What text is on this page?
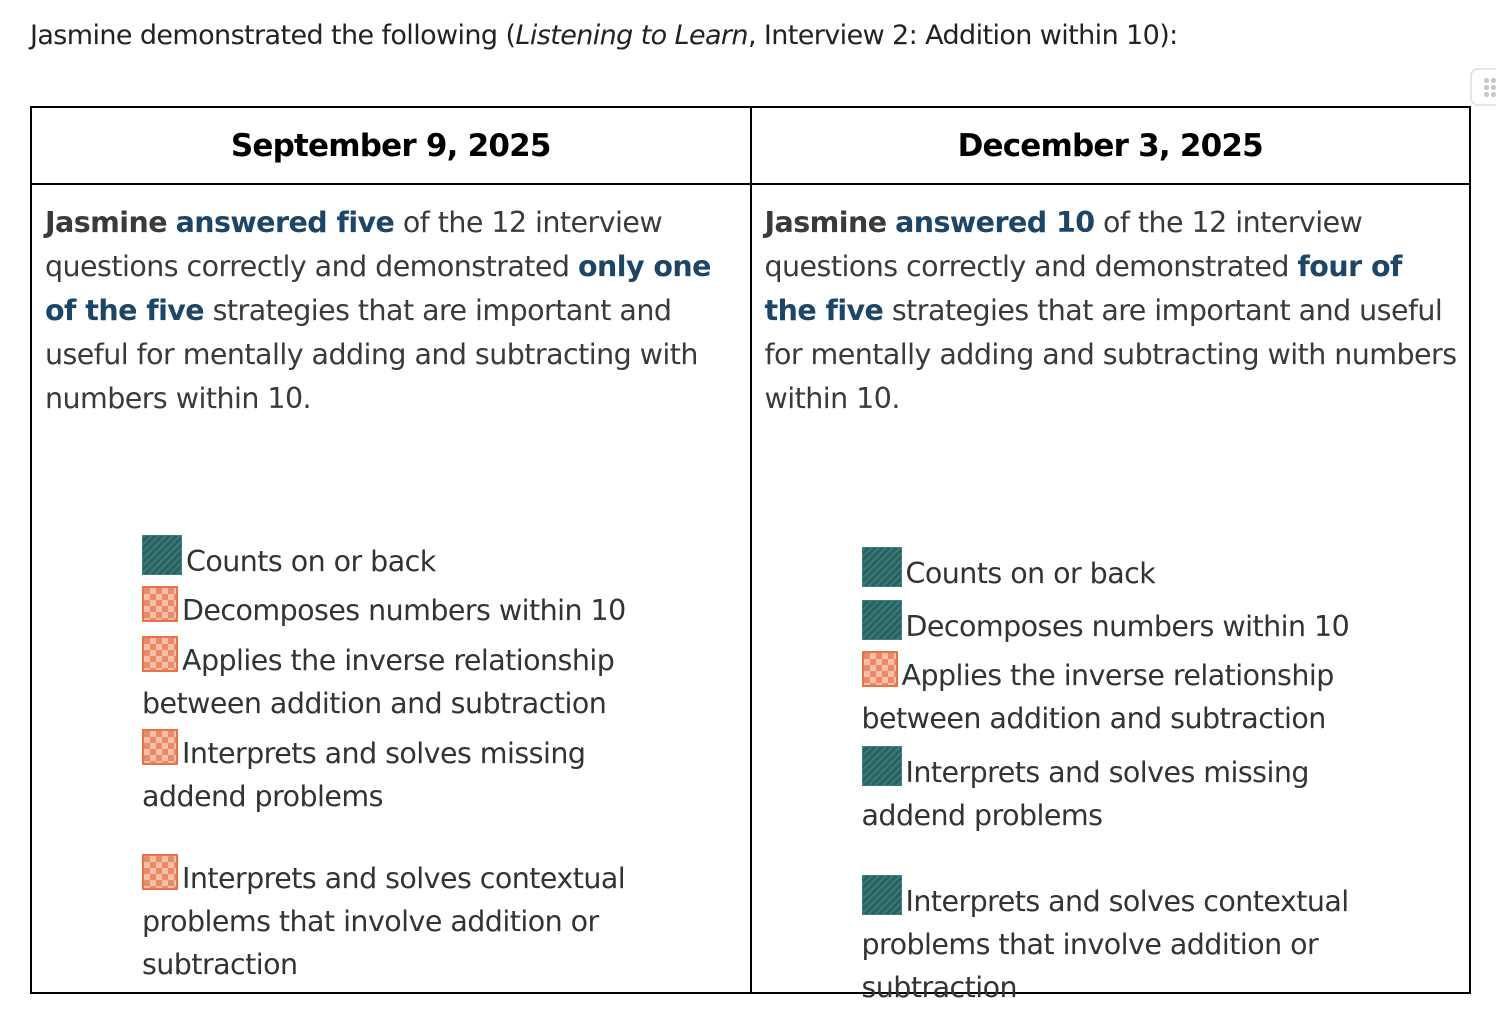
Jasmine demonstrated the following (Listening to Learn, Interview 2: Addition within 10):
September 9, 2025	December 3, 2025

Jasmine answered five of the 12 interview questions correctly and demonstrated only one of the five strategies that are important and useful for mentally adding and subtracting with numbers within 10.
Counts on or back
Decomposes numbers within 10
Applies the inverse relationship between addition and subtraction
Interprets and solves missing addend problems
Interprets and solves contextual problems that involve addition or subtraction

Jasmine answered 10 of the 12 interview questions correctly and demonstrated four of the five strategies that are important and useful for mentally adding and subtracting with numbers within 10.
Counts on or back
Decomposes numbers within 10
Applies the inverse relationship between addition and subtraction
Interprets and solves missing addend problems
Interprets and solves contextual problems that involve addition or subtraction
